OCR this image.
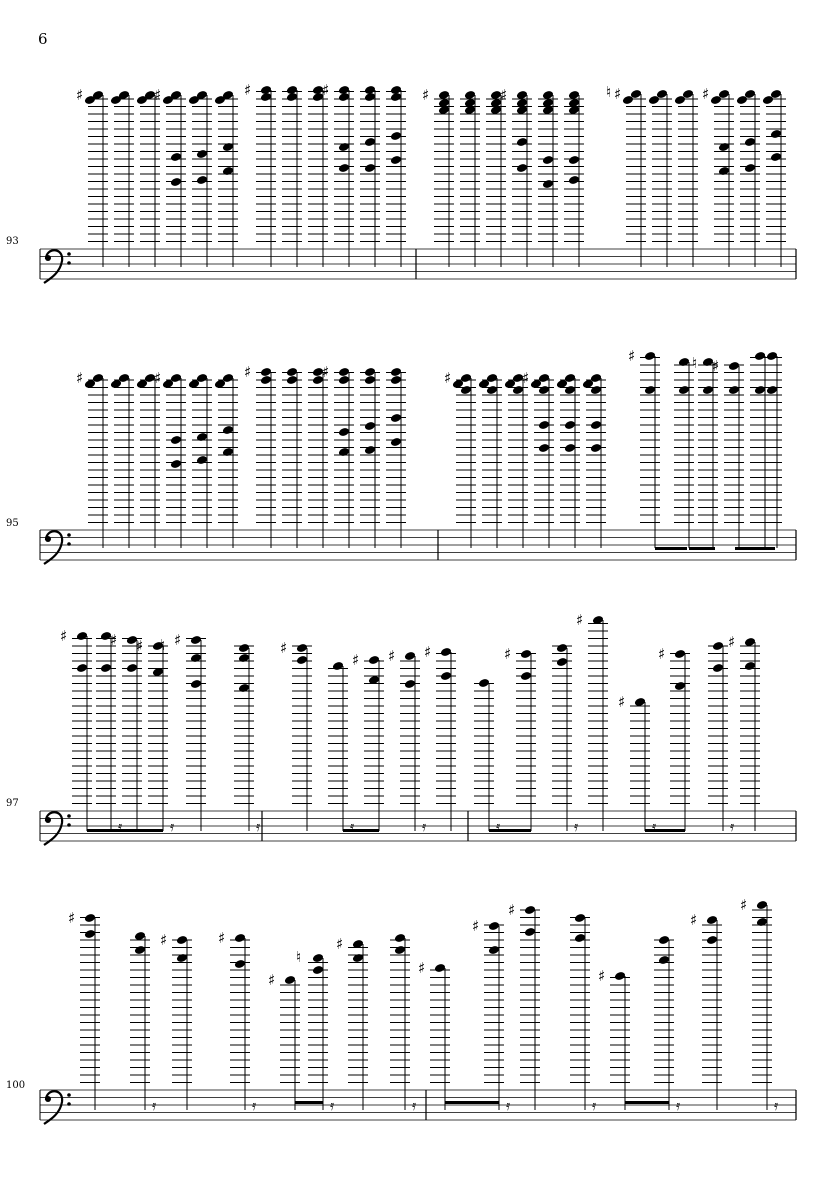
6
93
95
97
100
♯	♯	♯	♯	♯	♯	♯	♯
♮
♯	♯	♯	♯	♯	♯
♯
♯
♮
♯	♯ ♯ ♯	♯
♯ ♯ ♯	♯
♯
♯
♯
♯
𝄿	𝄿	𝄿	𝄿	𝄿	𝄿	𝄿	𝄿	𝄿
♮
♯
♯	♯
♯
♯
♯
♯
♯
♯
♯
♯
𝄿	𝄿	𝄿	𝄿	𝄿	𝄿	𝄿	𝄿
♮
